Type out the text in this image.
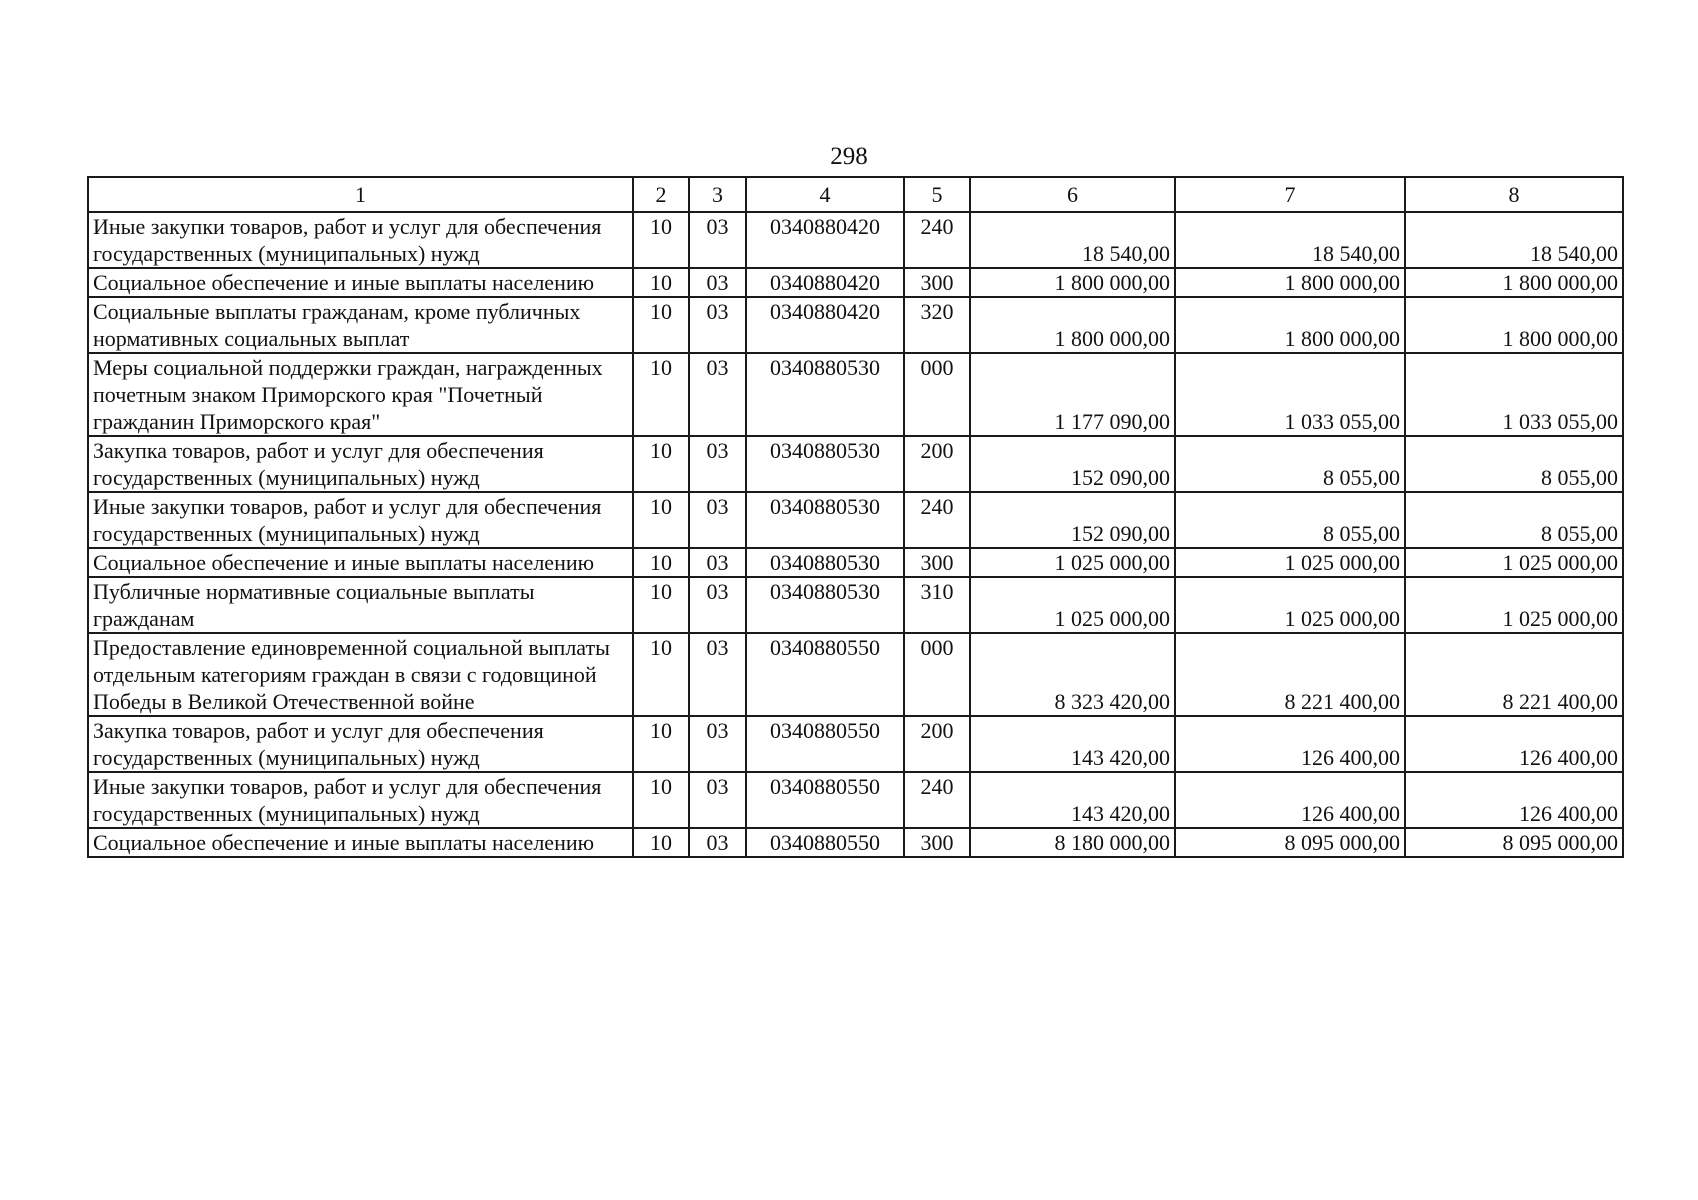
298
1	2	3	4	5	6	7	8
Иные закупки товаров, работ и услуг для обеспечения государственных (муниципальных) нужд	10	03	0340880420	240	18 540,00	18 540,00	18 540,00
Социальное обеспечение и иные выплаты населению	10	03	0340880420	300	1 800 000,00	1 800 000,00	1 800 000,00
Социальные выплаты гражданам, кроме публичных нормативных социальных выплат	10	03	0340880420	320	1 800 000,00	1 800 000,00	1 800 000,00
Меры социальной поддержки граждан, награжденных почетным знаком Приморского края "Почетный гражданин Приморского края"	10	03	0340880530	000	1 177 090,00	1 033 055,00	1 033 055,00
Закупка товаров, работ и услуг для обеспечения государственных (муниципальных) нужд	10	03	0340880530	200	152 090,00	8 055,00	8 055,00
Иные закупки товаров, работ и услуг для обеспечения государственных (муниципальных) нужд	10	03	0340880530	240	152 090,00	8 055,00	8 055,00
Социальное обеспечение и иные выплаты населению	10	03	0340880530	300	1 025 000,00	1 025 000,00	1 025 000,00
Публичные нормативные социальные выплаты гражданам	10	03	0340880530	310	1 025 000,00	1 025 000,00	1 025 000,00
Предоставление единовременной социальной выплаты отдельным категориям граждан в связи с годовщиной Победы в Великой Отечественной войне	10	03	0340880550	000	8 323 420,00	8 221 400,00	8 221 400,00
Закупка товаров, работ и услуг для обеспечения государственных (муниципальных) нужд	10	03	0340880550	200	143 420,00	126 400,00	126 400,00
Иные закупки товаров, работ и услуг для обеспечения государственных (муниципальных) нужд	10	03	0340880550	240	143 420,00	126 400,00	126 400,00
Социальное обеспечение и иные выплаты населению	10	03	0340880550	300	8 180 000,00	8 095 000,00	8 095 000,00
